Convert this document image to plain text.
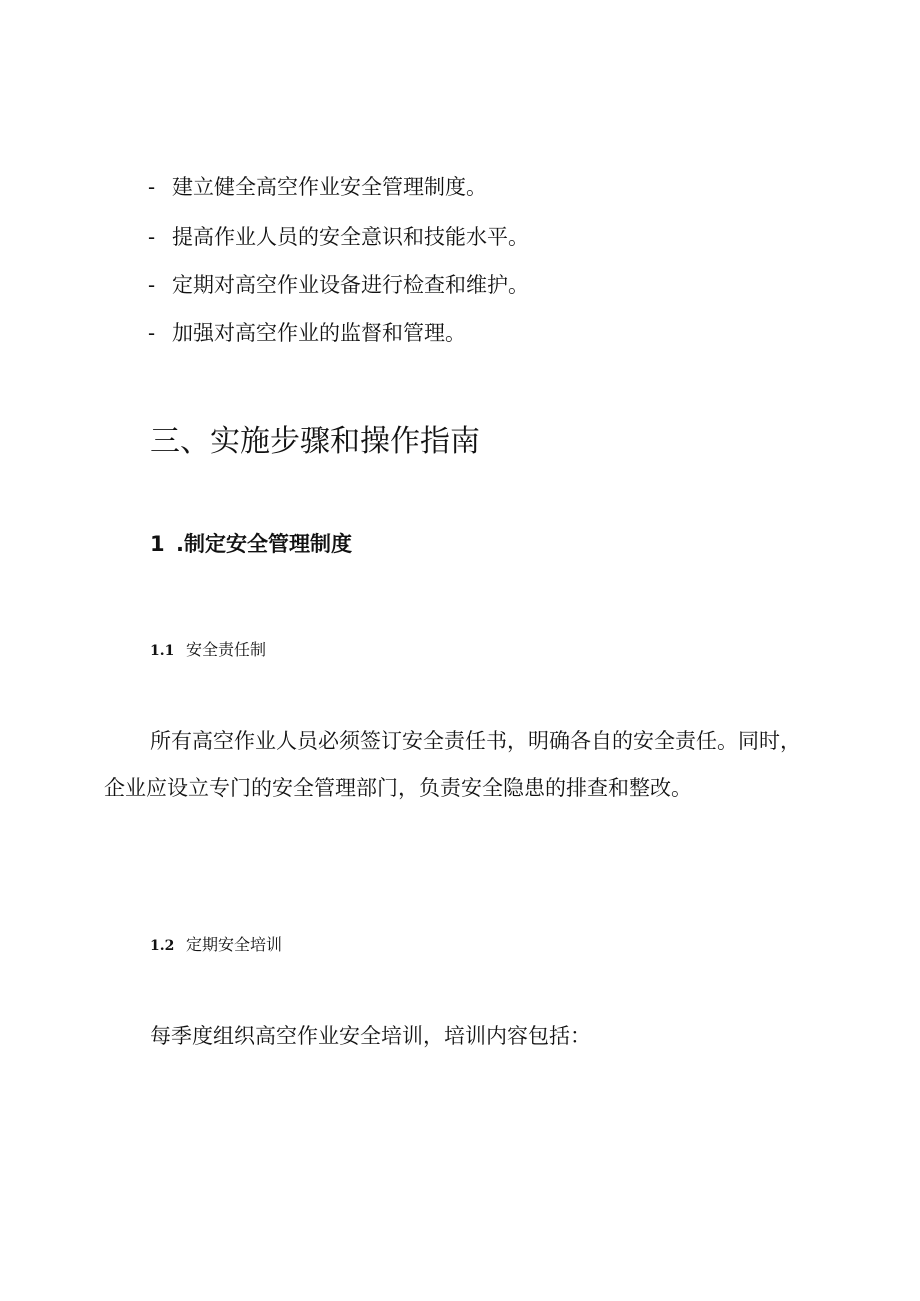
- 建立健全高空作业安全管理制度。
- 提高作业人员的安全意识和技能水平。
- 定期对高空作业设备进行检查和维护。
- 加强对高空作业的监督和管理。
三、实施步骤和操作指南
1 .制定安全管理制度
1.1 安全责任制

所有高空作业人员必须签订安全责任书，明确各自的安全责任。同时，企业应设立专门的安全管理部门，负责安全隐患的排查和整改。

1.2 定期安全培训

每季度组织高空作业安全培训，培训内容包括：
